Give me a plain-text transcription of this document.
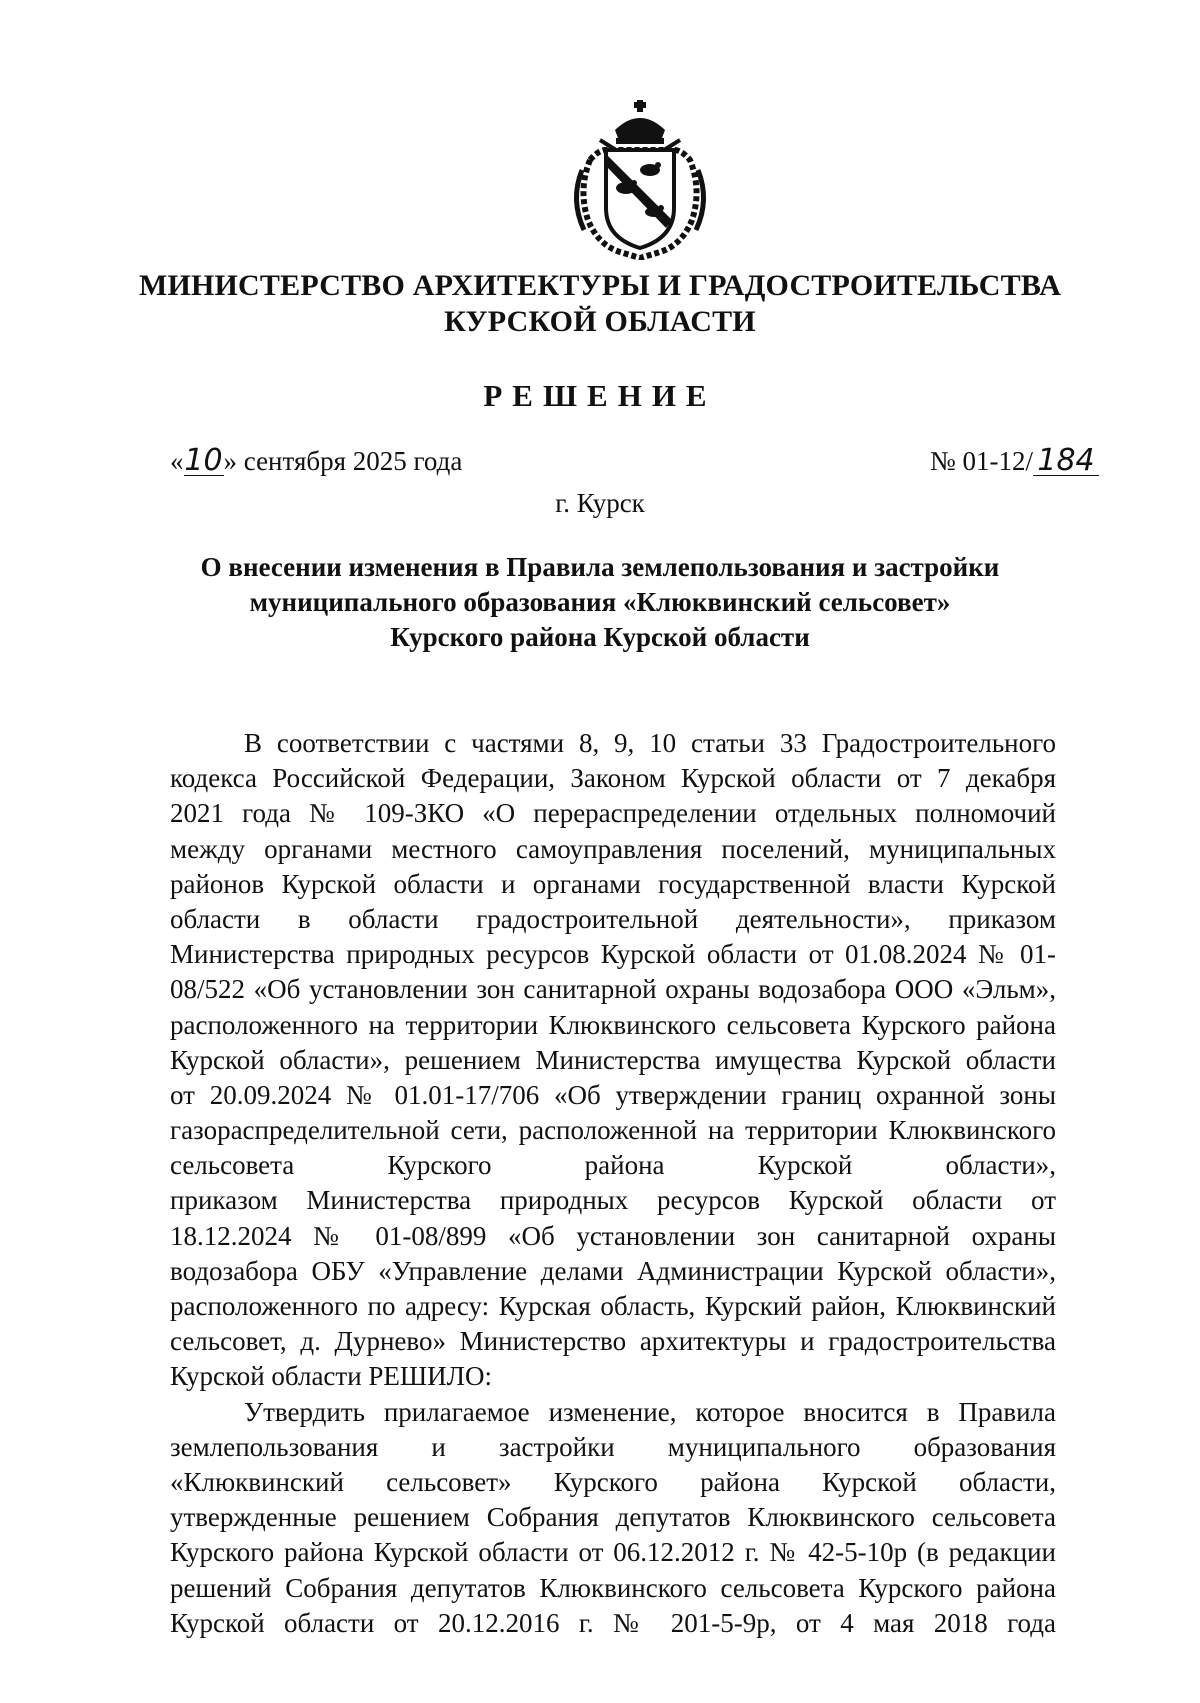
МИНИСТЕРСТВО АРХИТЕКТУРЫ И ГРАДОСТРОИТЕЛЬСТВА
КУРСКОЙ ОБЛАСТИ
РЕШЕНИЕ
«10» сентября 2025 года	№ 01-12/ 184
г. Курск
О внесении изменения в Правила землепользования и застройки
муниципального образования «Клюквинский сельсовет»
Курского района Курской области
В соответствии с частями 8, 9, 10 статьи 33 Градостроительного
кодекса Российской Федерации, Законом Курской области от 7 декабря
2021 года № 109-ЗКО «О перераспределении отдельных полномочий
между органами местного самоуправления поселений, муниципальных
районов Курской области и органами государственной власти Курской
области в области градостроительной деятельности», приказом
Министерства природных ресурсов Курской области от 01.08.2024 № 01-
08/522 «Об установлении зон санитарной охраны водозабора ООО «Эльм»,
расположенного на территории Клюквинского сельсовета Курского района
Курской области», решением Министерства имущества Курской области
от 20.09.2024 № 01.01-17/706 «Об утверждении границ охранной зоны
газораспределительной сети, расположенной на территории Клюквинского
сельсовета Курского района Курской области»,
приказом Министерства природных ресурсов Курской области от
18.12.2024 № 01-08/899 «Об установлении зон санитарной охраны
водозабора ОБУ «Управление делами Администрации Курской области»,
расположенного по адресу: Курская область, Курский район, Клюквинский
сельсовет, д. Дурнево» Министерство архитектуры и градостроительства
Курской области РЕШИЛО:
Утвердить прилагаемое изменение, которое вносится в Правила
землепользования и застройки муниципального образования
«Клюквинский сельсовет» Курского района Курской области,
утвержденные решением Собрания депутатов Клюквинского сельсовета
Курского района Курской области от 06.12.2012 г. № 42-5-10р (в редакции
решений Собрания депутатов Клюквинского сельсовета Курского района
Курской области от 20.12.2016 г. № 201-5-9р, от 4 мая 2018 года
